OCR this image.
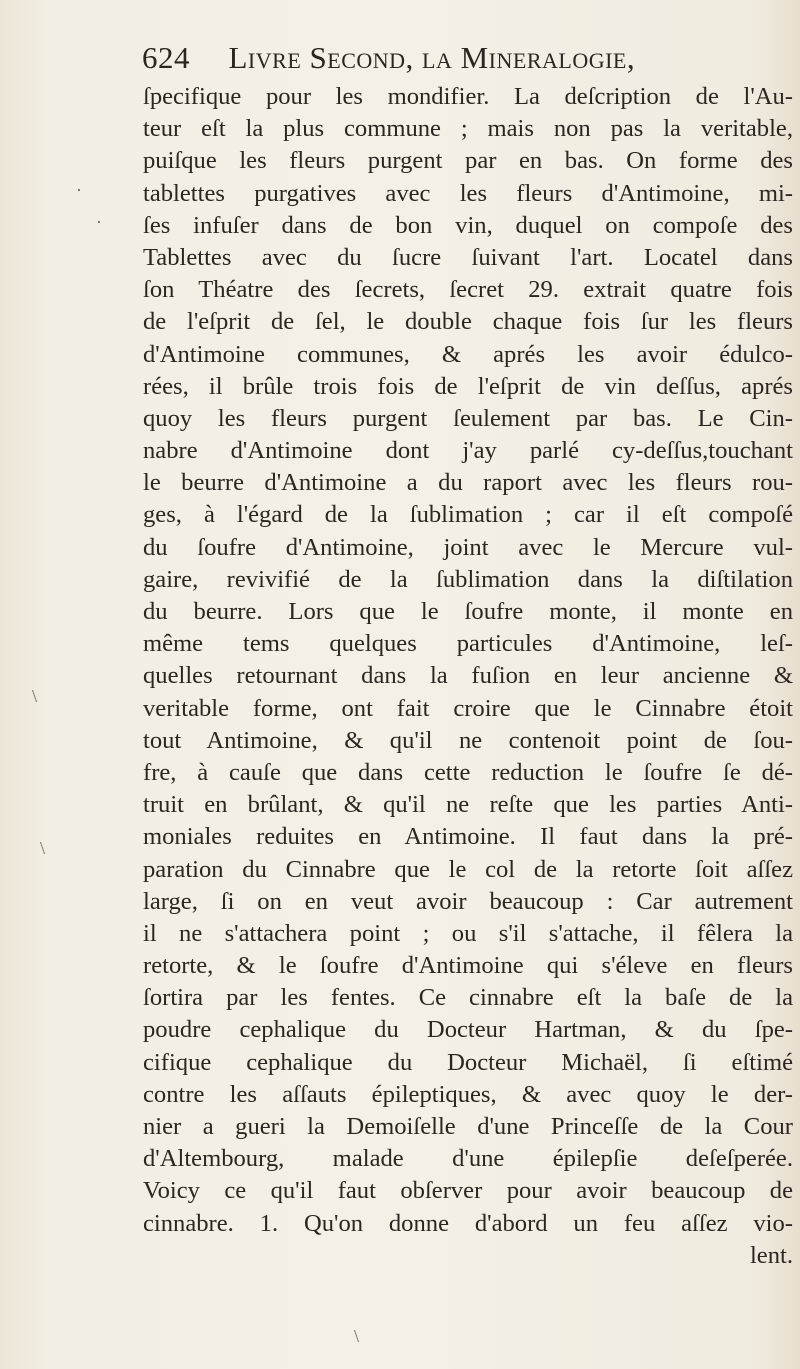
624 Livre Second, la Mineralogie,
ſpecifique pour les mondifier. La deſcription de l'Au-
teur eſt la plus commune ; mais non pas la veritable,
puiſque les fleurs purgent par en bas. On forme des
tablettes purgatives avec les fleurs d'Antimoine, mi-
ſes infuſer dans de bon vin, duquel on compoſe des
Tablettes avec du ſucre ſuivant l'art. Locatel dans
ſon Théatre des ſecrets, ſecret 29. extrait quatre fois
de l'eſprit de ſel, le double chaque fois ſur les fleurs
d'Antimoine communes, & aprés les avoir édulco-
rées, il brûle trois fois de l'eſprit de vin deſſus, aprés
quoy les fleurs purgent ſeulement par bas. Le Cin-
nabre d'Antimoine dont j'ay parlé cy-deſſus,touchant
le beurre d'Antimoine a du raport avec les fleurs rou-
ges, à l'égard de la ſublimation ; car il eſt compoſé
du ſoufre d'Antimoine, joint avec le Mercure vul-
gaire, revivifié de la ſublimation dans la diſtilation
du beurre. Lors que le ſoufre monte, il monte en
même tems quelques particules d'Antimoine, leſ-
quelles retournant dans la fuſion en leur ancienne &
veritable forme, ont fait croire que le Cinnabre étoit
tout Antimoine, & qu'il ne contenoit point de ſou-
fre, à cauſe que dans cette reduction le ſoufre ſe dé-
truit en brûlant, & qu'il ne reſte que les parties Anti-
moniales reduites en Antimoine. Il faut dans la pré-
paration du Cinnabre que le col de la retorte ſoit aſſez
large, ſi on en veut avoir beaucoup : Car autrement
il ne s'attachera point ; ou s'il s'attache, il fêlera la
retorte, & le ſoufre d'Antimoine qui s'éleve en fleurs
ſortira par les fentes. Ce cinnabre eſt la baſe de la
poudre cephalique du Docteur Hartman, & du ſpe-
cifique cephalique du Docteur Michaël, ſi eſtimé
contre les aſſauts épileptiques, & avec quoy le der-
nier a gueri la Demoiſelle d'une Princeſſe de la Cour
d'Altembourg, malade d'une épilepſie deſeſperée.
Voicy ce qu'il faut obſerver pour avoir beaucoup de
cinnabre. 1. Qu'on donne d'abord un feu aſſez vio-
lent.
·
·
\
\
\
